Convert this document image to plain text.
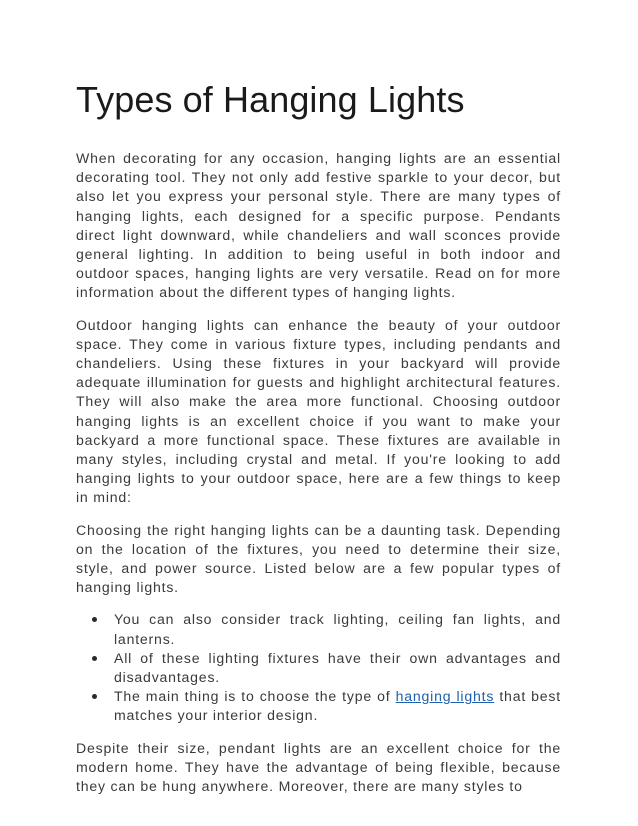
Types of Hanging Lights

When decorating for any occasion, hanging lights are an essential decorating tool. They not only add festive sparkle to your decor, but also let you express your personal style. There are many types of hanging lights, each designed for a specific purpose. Pendants direct light downward, while chandeliers and wall sconces provide general lighting. In addition to being useful in both indoor and outdoor spaces, hanging lights are very versatile. Read on for more information about the different types of hanging lights.

Outdoor hanging lights can enhance the beauty of your outdoor space. They come in various fixture types, including pendants and chandeliers. Using these fixtures in your backyard will provide adequate illumination for guests and highlight architectural features. They will also make the area more functional. Choosing outdoor hanging lights is an excellent choice if you want to make your backyard a more functional space. These fixtures are available in many styles, including crystal and metal. If you're looking to add hanging lights to your outdoor space, here are a few things to keep in mind:

Choosing the right hanging lights can be a daunting task. Depending on the location of the fixtures, you need to determine their size, style, and power source. Listed below are a few popular types of hanging lights.

You can also consider track lighting, ceiling fan lights, and lanterns.
All of these lighting fixtures have their own advantages and disadvantages.
The main thing is to choose the type of hanging lights that best matches your interior design.

Despite their size, pendant lights are an excellent choice for the modern home. They have the advantage of being flexible, because they can be hung anywhere. Moreover, there are many styles to
